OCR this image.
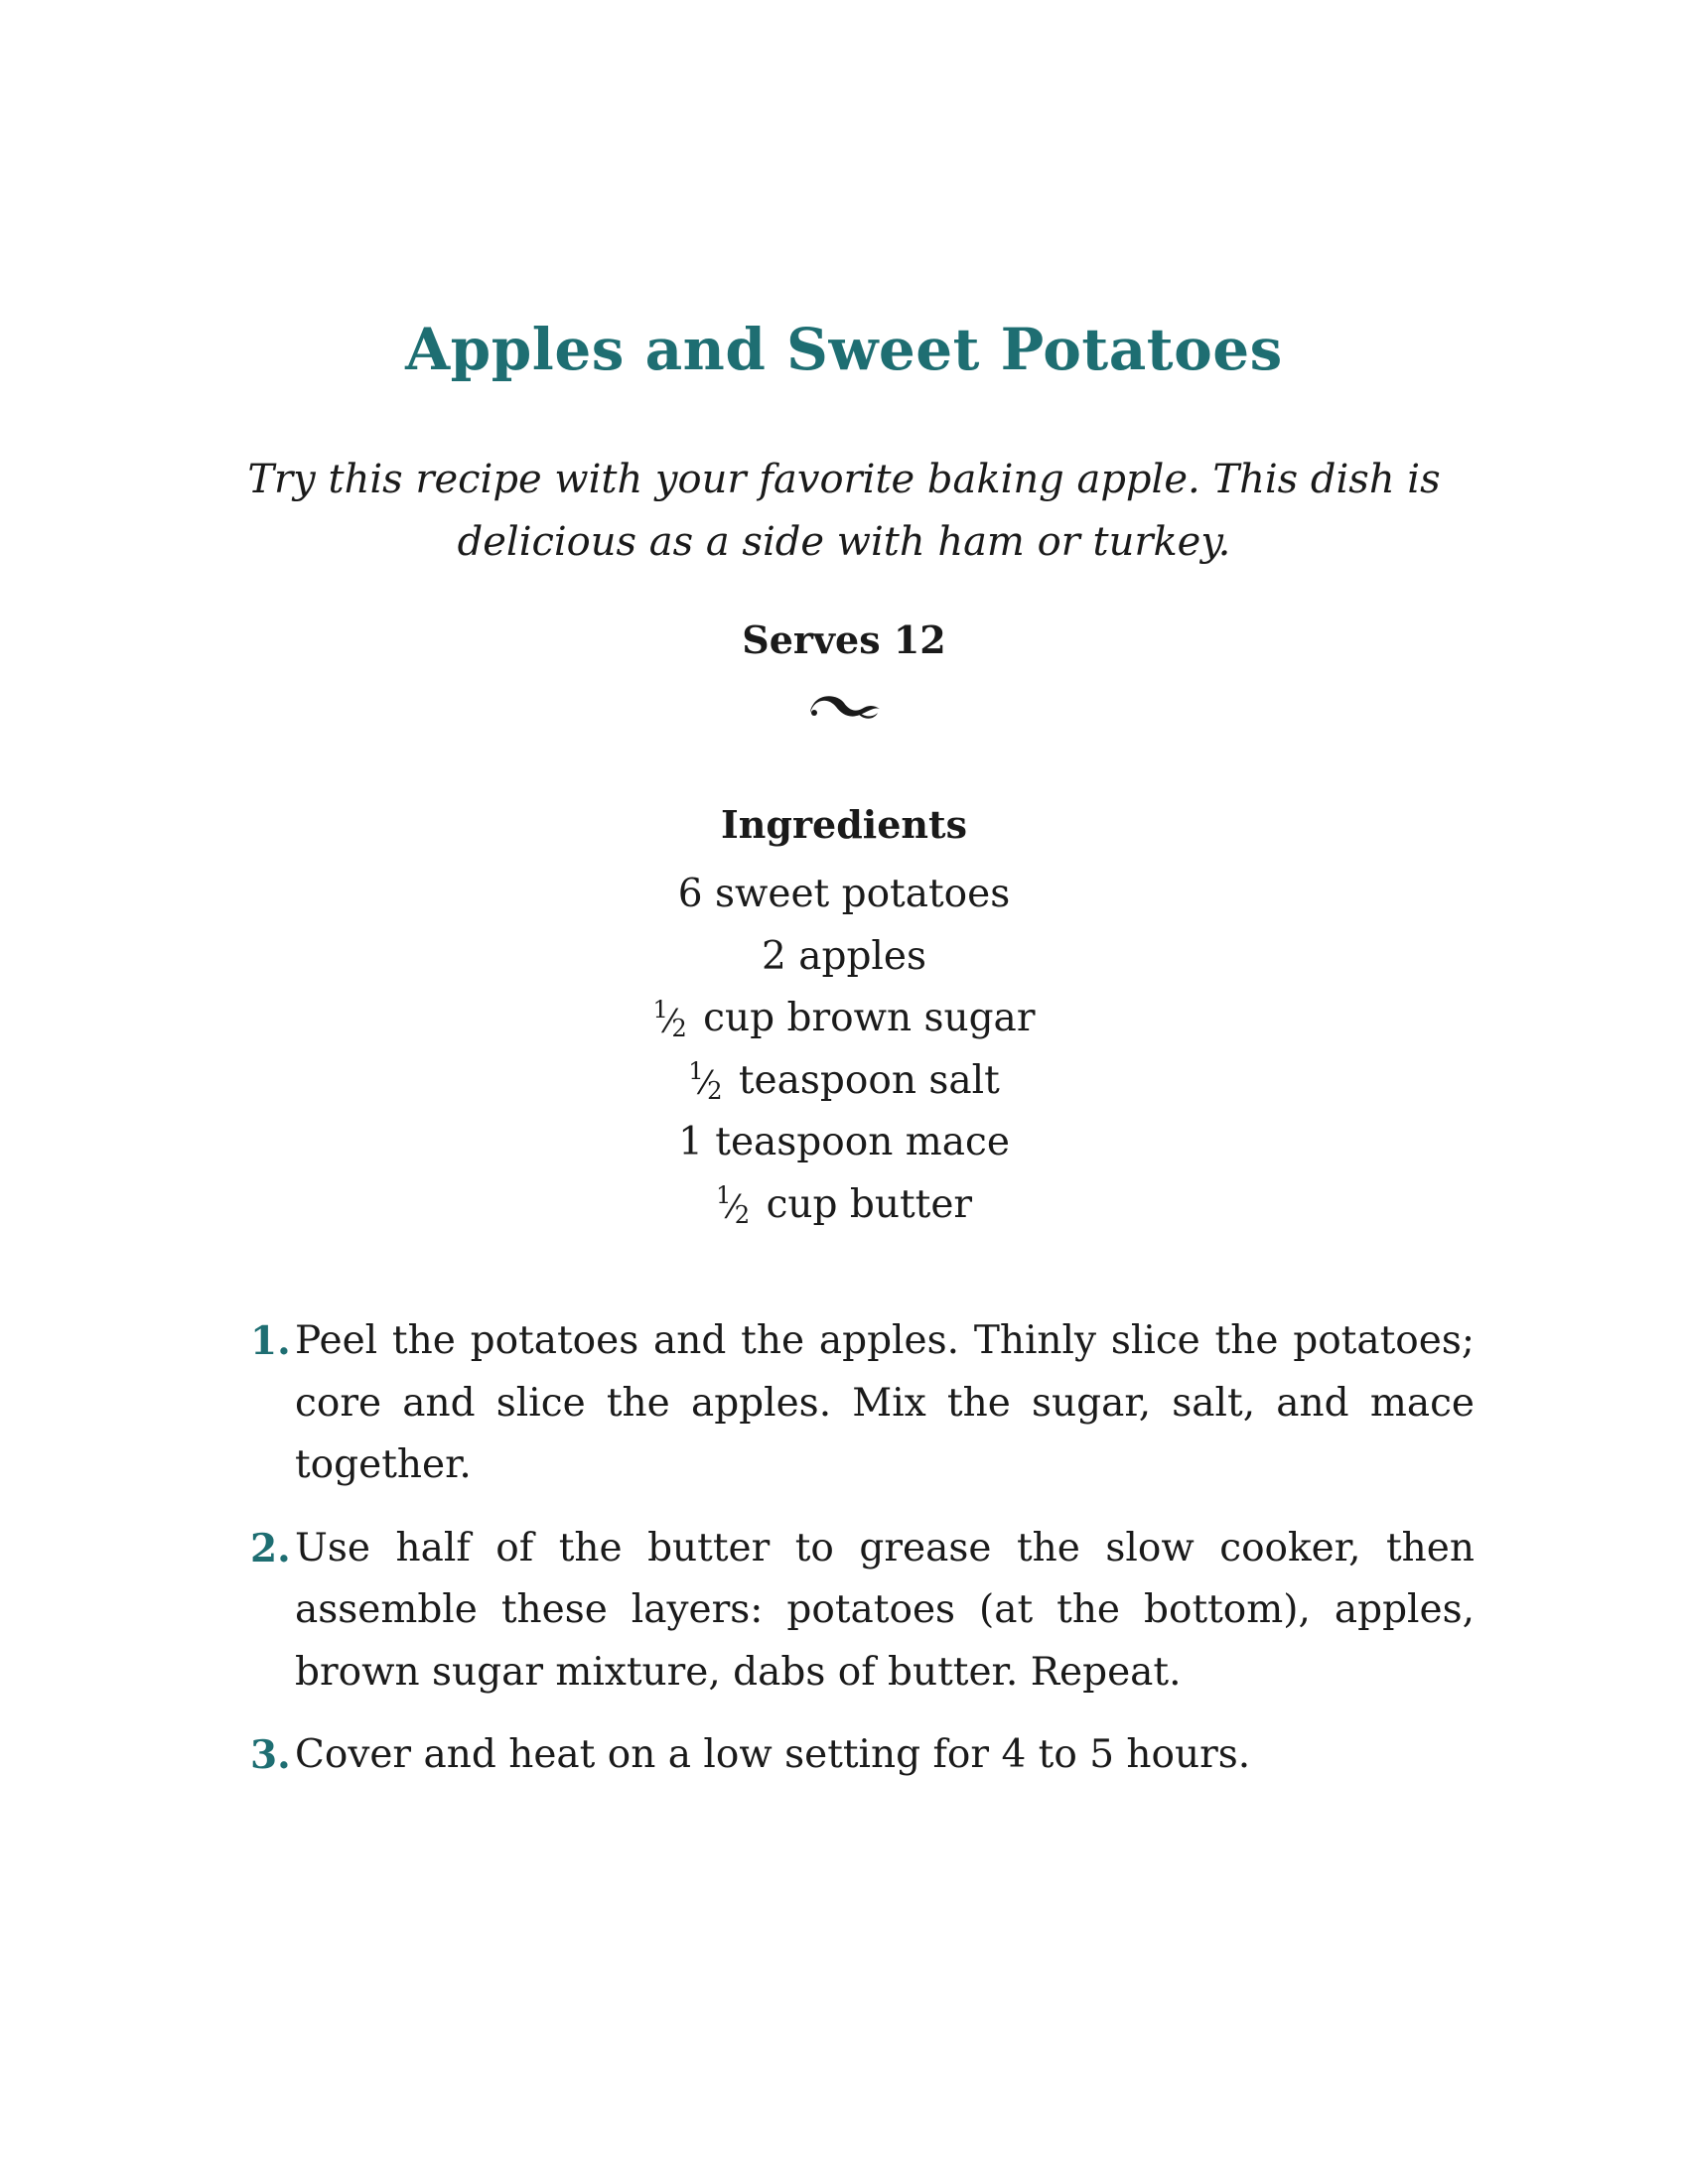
Apples and Sweet Potatoes

Try this recipe with your favorite baking apple. This dish is delicious as a side with ham or turkey.

Serves 12

Ingredients
6 sweet potatoes
2 apples
1⁄2 cup brown sugar
1⁄2 teaspoon salt
1 teaspoon mace
1⁄2 cup butter
1. Peel the potatoes and the apples. Thinly slice the potatoes; core and slice the apples. Mix the sugar, salt, and mace together.
2. Use half of the butter to grease the slow cooker, then assemble these layers: potatoes (at the bottom), apples, brown sugar mixture, dabs of butter. Repeat.
3. Cover and heat on a low setting for 4 to 5 hours.
